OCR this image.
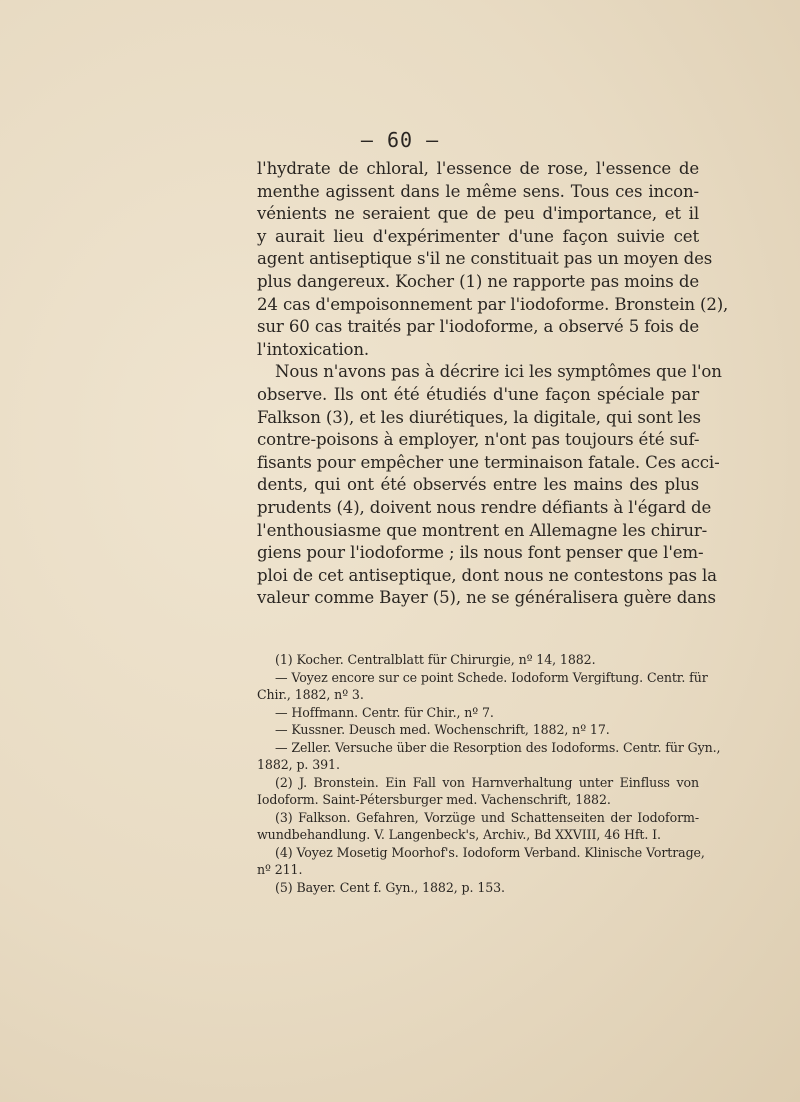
— 60 —
l'hydrate de chloral, l'essence de rose, l'essence de
menthe agissent dans le même sens. Tous ces incon-
vénients ne seraient que de peu d'importance, et il
y aurait lieu d'expérimenter d'une façon suivie cet
agent antiseptique s'il ne constituait pas un moyen des
plus dangereux. Kocher (1) ne rapporte pas moins de
24 cas d'empoisonnement par l'iodoforme. Bronstein (2),
sur 60 cas traités par l'iodoforme, a observé 5 fois de
l'intoxication.
Nous n'avons pas à décrire ici les symptômes que l'on
observe. Ils ont été étudiés d'une façon spéciale par
Falkson (3), et les diurétiques, la digitale, qui sont les
contre-poisons à employer, n'ont pas toujours été suf-
fisants pour empêcher une terminaison fatale. Ces acci-
dents, qui ont été observés entre les mains des plus
prudents (4), doivent nous rendre défiants à l'égard de
l'enthousiasme que montrent en Allemagne les chirur-
giens pour l'iodoforme ; ils nous font penser que l'em-
ploi de cet antiseptique, dont nous ne contestons pas la
valeur comme Bayer (5), ne se généralisera guère dans
(1) Kocher. Centralblatt für Chirurgie, nº 14, 1882.
— Voyez encore sur ce point Schede. Iodoform Vergiftung. Centr. für
Chir., 1882, nº 3.
— Hoffmann. Centr. für Chir., nº 7.
— Kussner. Deusch med. Wochenschrift, 1882, nº 17.
— Zeller. Versuche über die Resorption des Iodoforms. Centr. für Gyn.,
1882, p. 391.
(2) J. Bronstein. Ein Fall von Harnverhaltung unter Einfluss von
Iodoform. Saint-Pétersburger med. Vachenschrift, 1882.
(3) Falkson. Gefahren, Vorzüge und Schattenseiten der Iodoform-
wundbehandlung. V. Langenbeck's, Archiv., Bd XXVIII, 46 Hft. I.
(4) Voyez Mosetig Moorhof's. Iodoform Verband. Klinische Vortrage,
nº 211.
(5) Bayer. Cent f. Gyn., 1882, p. 153.
